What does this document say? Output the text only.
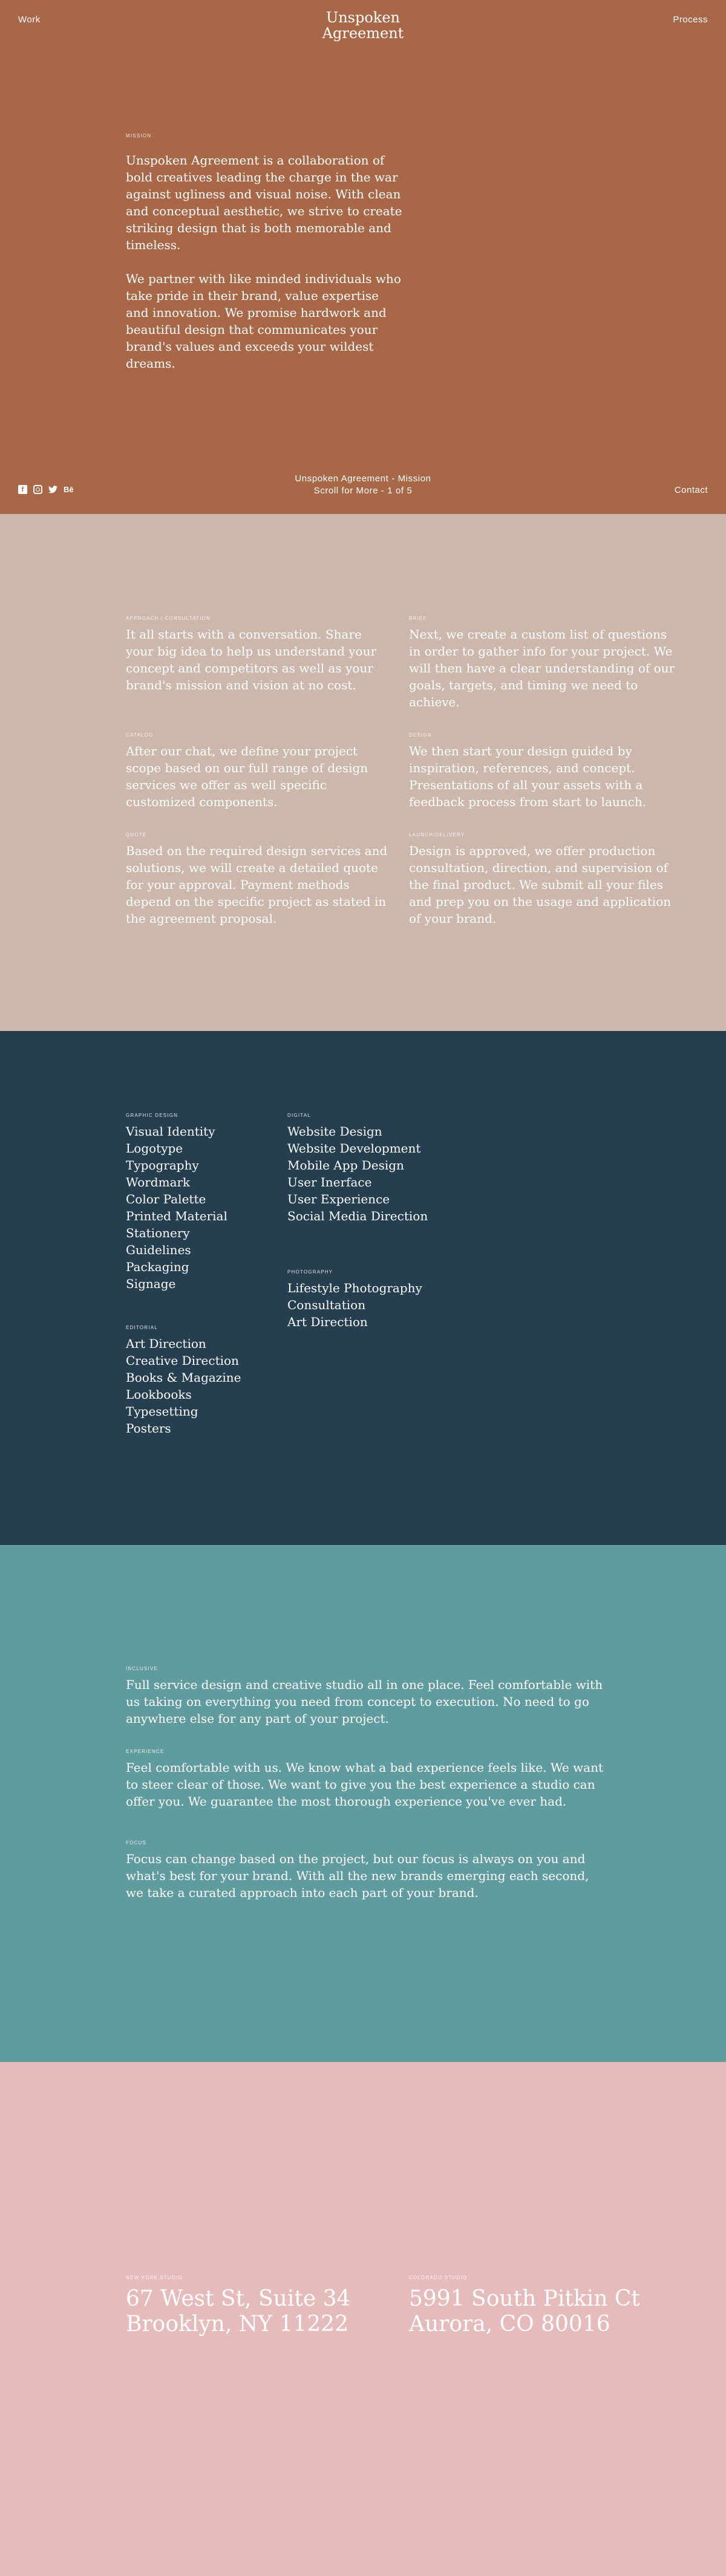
Work	Unspoken
Agreement
Process
MISSION

Unspoken Agreement is a collaboration of bold creatives leading the charge in the war against ugliness and visual noise. With clean and conceptual aesthetic, we strive to create striking design that is both memorable and timeless.

We partner with like minded individuals who take pride in their brand, value expertise and innovation. We promise hardwork and beautiful design that communicates your brand's values and exceeds your wildest dreams.

f	Bē
Unspoken Agreement - Mission
Scroll for More - 1 of 5	Contact
APPROACH / CONSULTATION

It all starts with a conversation. Share your big idea to help us understand your concept and competitors as well as your brand's mission and vision at no cost.

BRIEF

Next, we create a custom list of questions in order to gather info for your project. We will then have a clear understanding of our goals, targets, and timing we need to achieve.

CATALOG

After our chat, we define your project scope based on our full range of design services we offer as well specific customized components.

DESIGN

We then start your design guided by inspiration, references, and concept. Presentations of all your assets with a feedback process from start to launch.

QUOTE

Based on the required design services and solutions, we will create a detailed quote for your approval. Payment methods depend on the specific project as stated in the agreement proposal.

LAUNCH/DELIVERY

Design is approved, we offer production consultation, direction, and supervision of the final product. We submit all your files and prep you on the usage and application of your brand.

GRAPHIC DESIGN
Visual Identity
Logotype
Typography
Wordmark
Color Palette
Printed Material
Stationery
Guidelines
Packaging
Signage
EDITORIAL
Art Direction
Creative Direction
Books & Magazine
Lookbooks
Typesetting
Posters
DIGITAL
Website Design
Website Development
Mobile App Design
User Inerface
User Experience
Social Media Direction
PHOTOGRAPHY
Lifestyle Photography
Consultation
Art Direction
INCLUSIVE

Full service design and creative studio all in one place. Feel comfortable with us taking on everything you need from concept to execution. No need to go anywhere else for any part of your project.

EXPERIENCE

Feel comfortable with us. We know what a bad experience feels like. We want to steer clear of those. We want to give you the best experience a studio can offer you. We guarantee the most thorough experience you've ever had.

FOCUS

Focus can change based on the project, but our focus is always on you and what's best for your brand. With all the new brands emerging each second, we take a curated approach into each part of your brand.

NEW YORK STUDIO
67 West St, Suite 34
Brooklyn, NY 11222
COLORADO STUDIO
5991 South Pitkin Ct
Aurora, CO 80016
